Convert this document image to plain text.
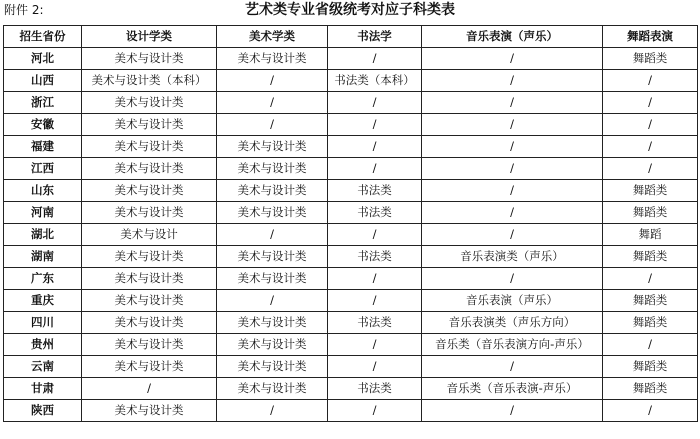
附件 2:	艺术类专业省级统考对应子科类表
招生省份	设计学类	美术学类	书法学	音乐表演（声乐）	舞蹈表演
河北	美术与设计类	美术与设计类	/	/	舞蹈类
山西	美术与设计类（本科）	/	书法类（本科）	/	/
浙江	美术与设计类	/	/	/	/
安徽	美术与设计类	/	/	/	/
福建	美术与设计类	美术与设计类	/	/	/
江西	美术与设计类	美术与设计类	/	/	/
山东	美术与设计类	美术与设计类	书法类	/	舞蹈类
河南	美术与设计类	美术与设计类	书法类	/	舞蹈类
湖北	美术与设计	/	/	/	舞蹈
湖南	美术与设计类	美术与设计类	书法类	音乐表演类（声乐）	舞蹈类
广东	美术与设计类	美术与设计类	/	/	/
重庆	美术与设计类	/	/	音乐表演（声乐）	舞蹈类
四川	美术与设计类	美术与设计类	书法类	音乐表演类（声乐方向）	舞蹈类
贵州	美术与设计类	美术与设计类	/	音乐类（音乐表演方向-声乐）	/
云南	美术与设计类	美术与设计类	/	/	舞蹈类
甘肃	/	美术与设计类	书法类	音乐类（音乐表演-声乐）	舞蹈类
陕西	美术与设计类	/	/	/	/
